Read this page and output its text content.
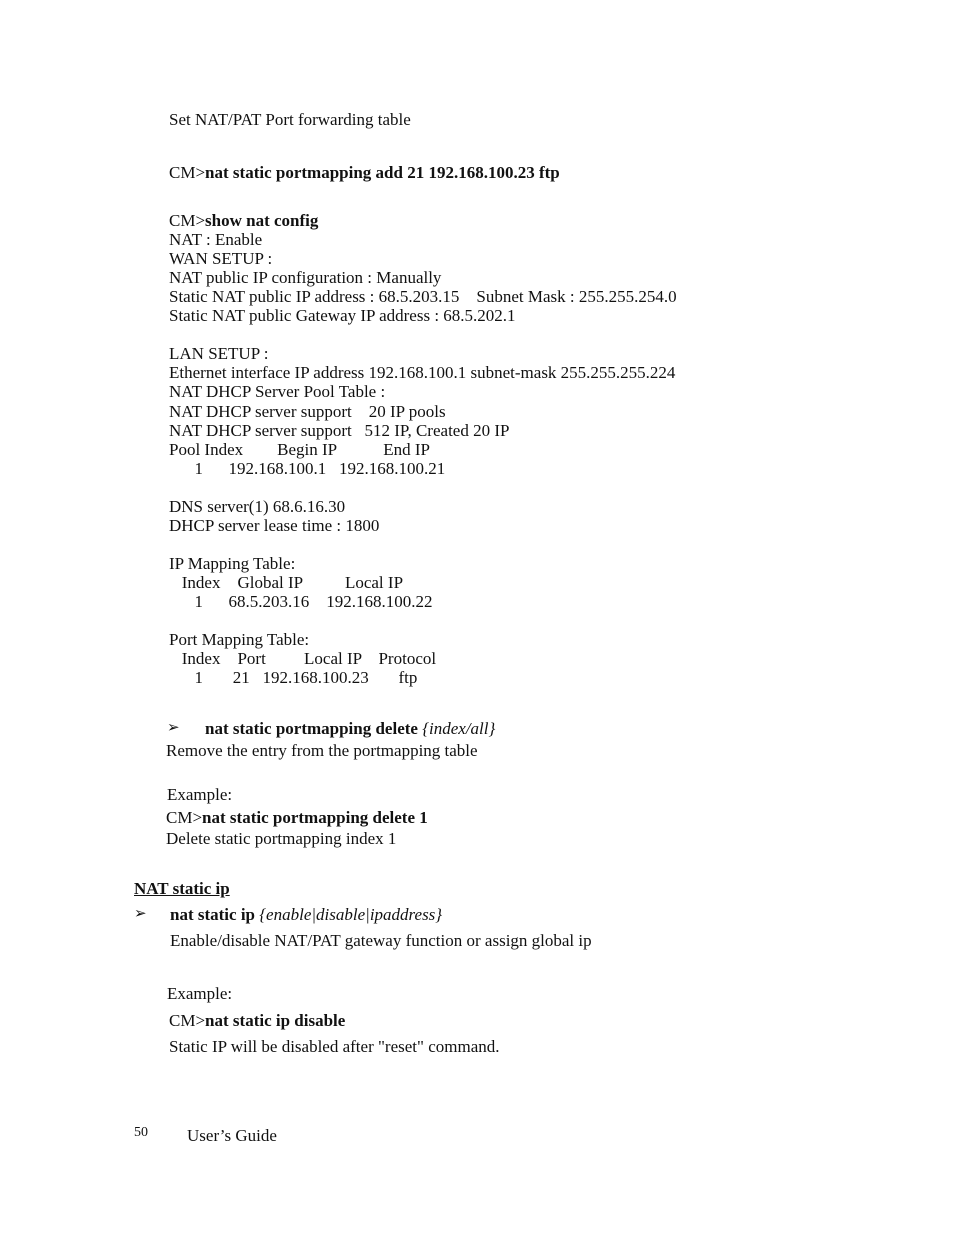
Set NAT/PAT Port forwarding table
CM>nat static portmapping add 21 192.168.100.23 ftp
CM>show nat config
NAT : Enable
WAN SETUP :
NAT public IP configuration : Manually
Static NAT public IP address : 68.5.203.15    Subnet Mask : 255.255.254.0
Static NAT public Gateway IP address : 68.5.202.1
LAN SETUP :
Ethernet interface IP address 192.168.100.1 subnet-mask 255.255.255.224
NAT DHCP Server Pool Table :
NAT DHCP server support    20 IP pools
NAT DHCP server support   512 IP, Created 20 IP
Pool Index        Begin IP           End IP
1      192.168.100.1   192.168.100.21
DNS server(1) 68.6.16.30
DHCP server lease time : 1800
IP Mapping Table:
Index    Global IP          Local IP
1      68.5.203.16    192.168.100.22
Port Mapping Table:
Index    Port         Local IP    Protocol
1       21   192.168.100.23       ftp
➢ nat static portmapping delete {index/all}
Remove the entry from the portmapping table
Example:
CM>nat static portmapping delete 1
Delete static portmapping index 1
NAT static ip
➢ nat static ip {enable|disable|ipaddress}
Enable/disable NAT/PAT gateway function or assign global ip
Example:
CM>nat static ip disable
Static IP will be disabled after "reset" command.
50 User’s Guide
